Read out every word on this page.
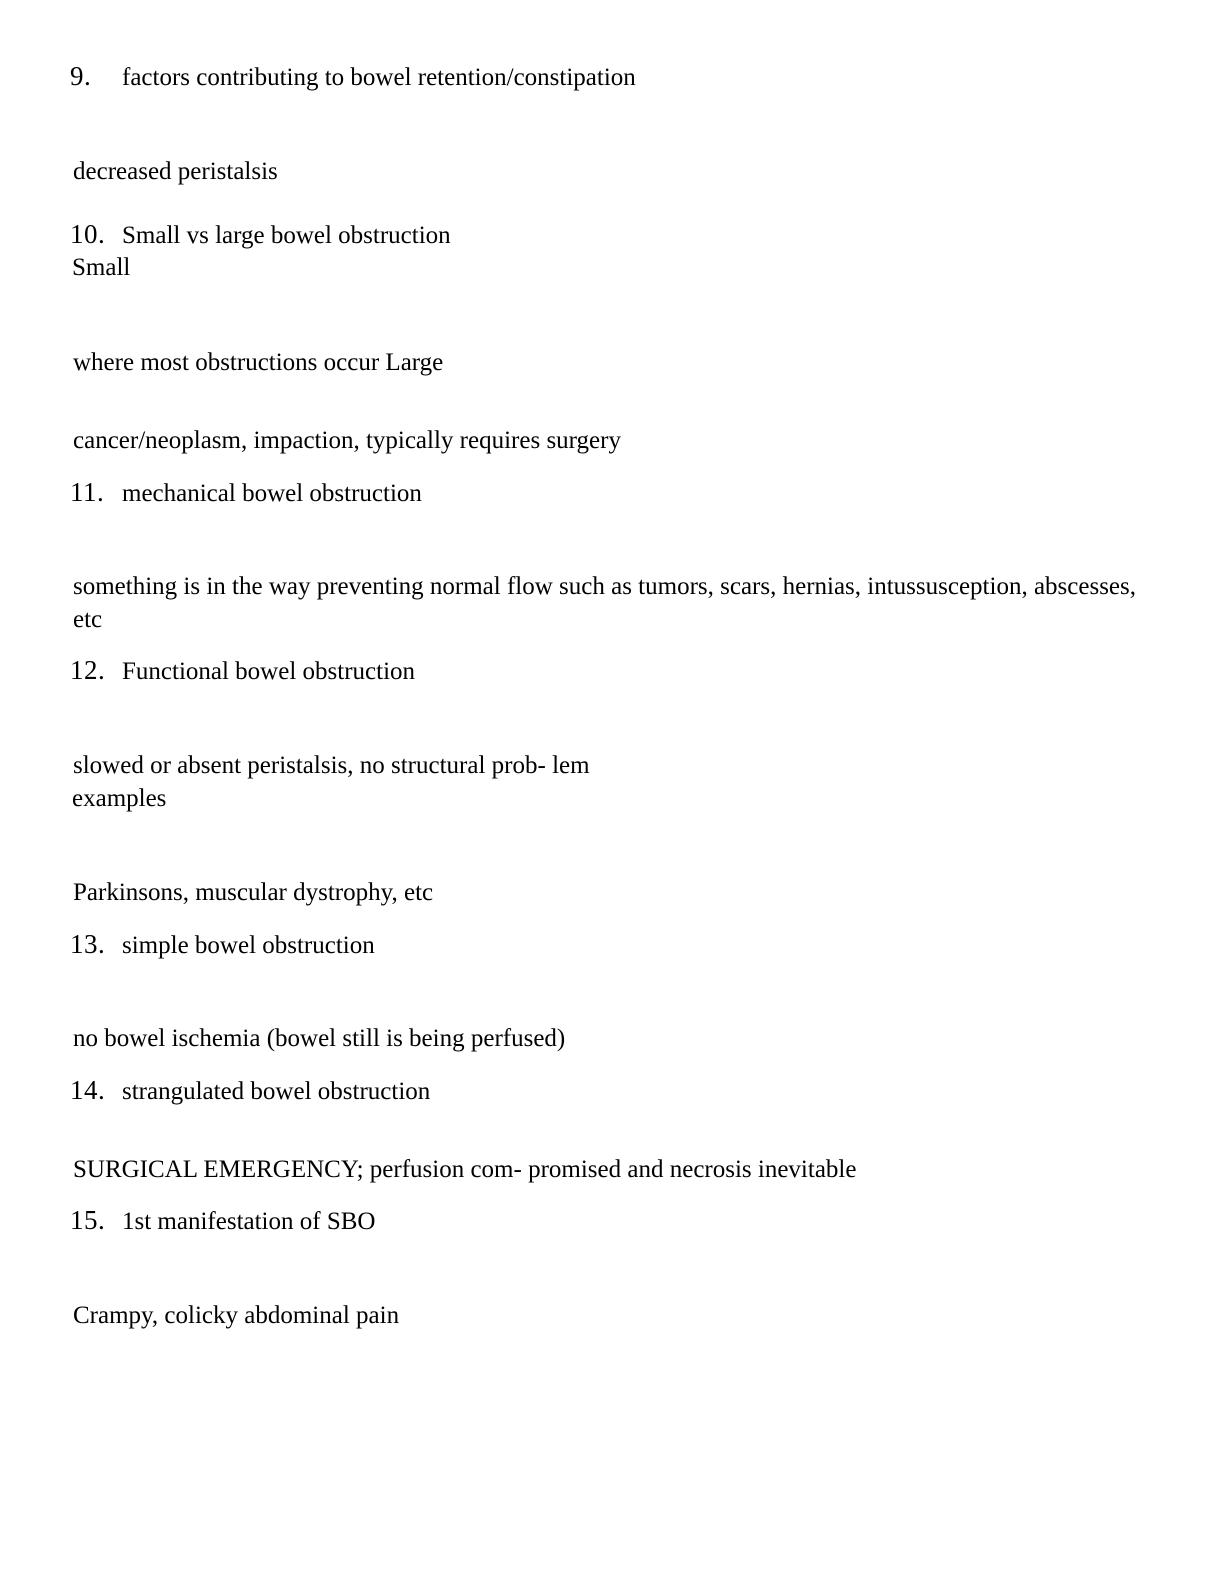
9.	factors contributing to bowel retention/constipation
decreased peristalsis
10. Small vs large bowel obstruction
Small
where most obstructions occur Large
cancer/neoplasm, impaction, typically requires surgery
11. mechanical bowel obstruction
something is in the way preventing normal flow such as tumors, scars, hernias, intussusception, abscesses, etc
12. Functional bowel obstruction
slowed or absent peristalsis, no structural prob- lem
examples
Parkinsons, muscular dystrophy, etc
13. simple bowel obstruction
no bowel ischemia (bowel still is being perfused)
14. strangulated bowel obstruction
SURGICAL EMERGENCY; perfusion com- promised and necrosis inevitable
15. 1st manifestation of SBO
Crampy, colicky abdominal pain
